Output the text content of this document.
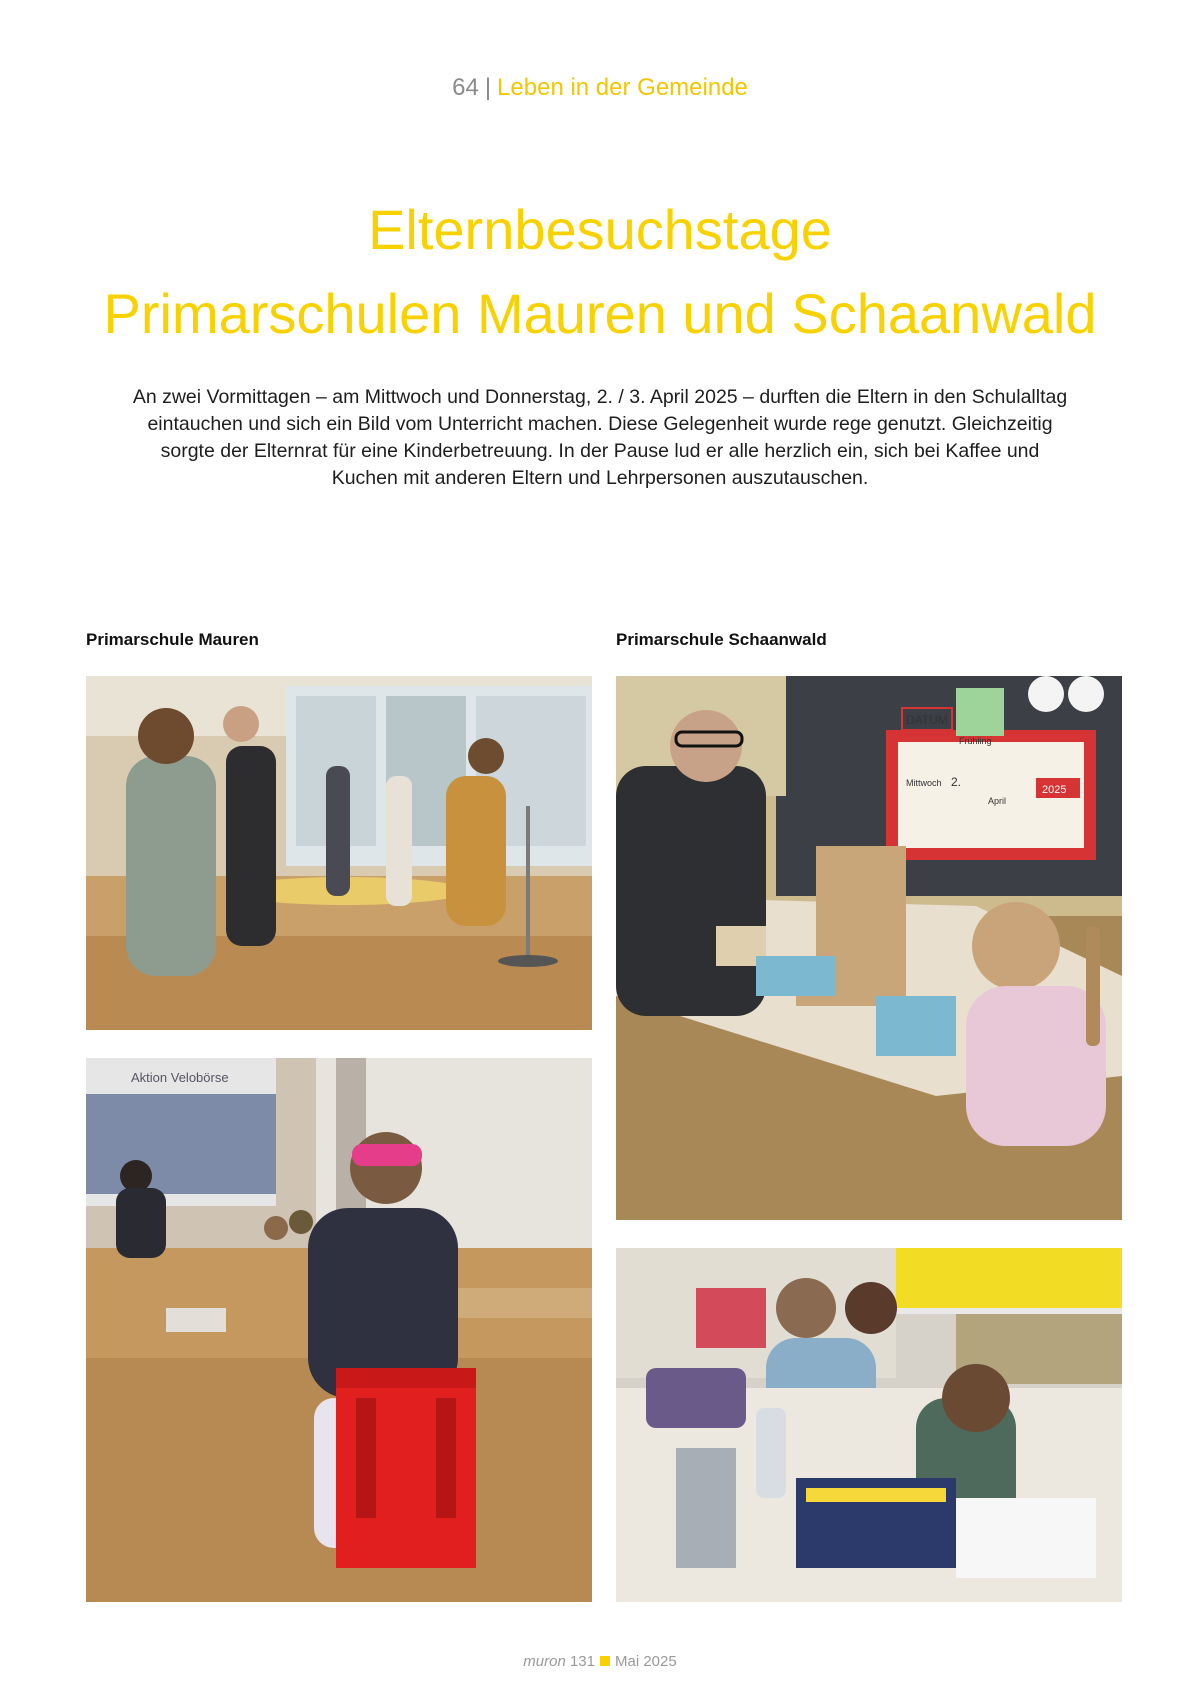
64 | Leben in der Gemeinde
Elternbesuchstage
Primarschulen Mauren und Schaanwald
An zwei Vormittagen – am Mittwoch und Donnerstag, 2. / 3. April 2025 – durften die Eltern in den Schulalltag eintauchen und sich ein Bild vom Unterricht machen. Diese Gelegenheit wurde rege genutzt. Gleichzeitig sorgte der Elternrat für eine Kinderbetreuung. In der Pause lud er alle herzlich ein, sich bei Kaffee und Kuchen mit anderen Eltern und Lehrpersonen auszutauschen.
Primarschule Mauren	Primarschule Schaanwald
Aktion Velobörse
DATUM
Frühling
Mittwoch 2.
April
2025
muron 131 Mai 2025
